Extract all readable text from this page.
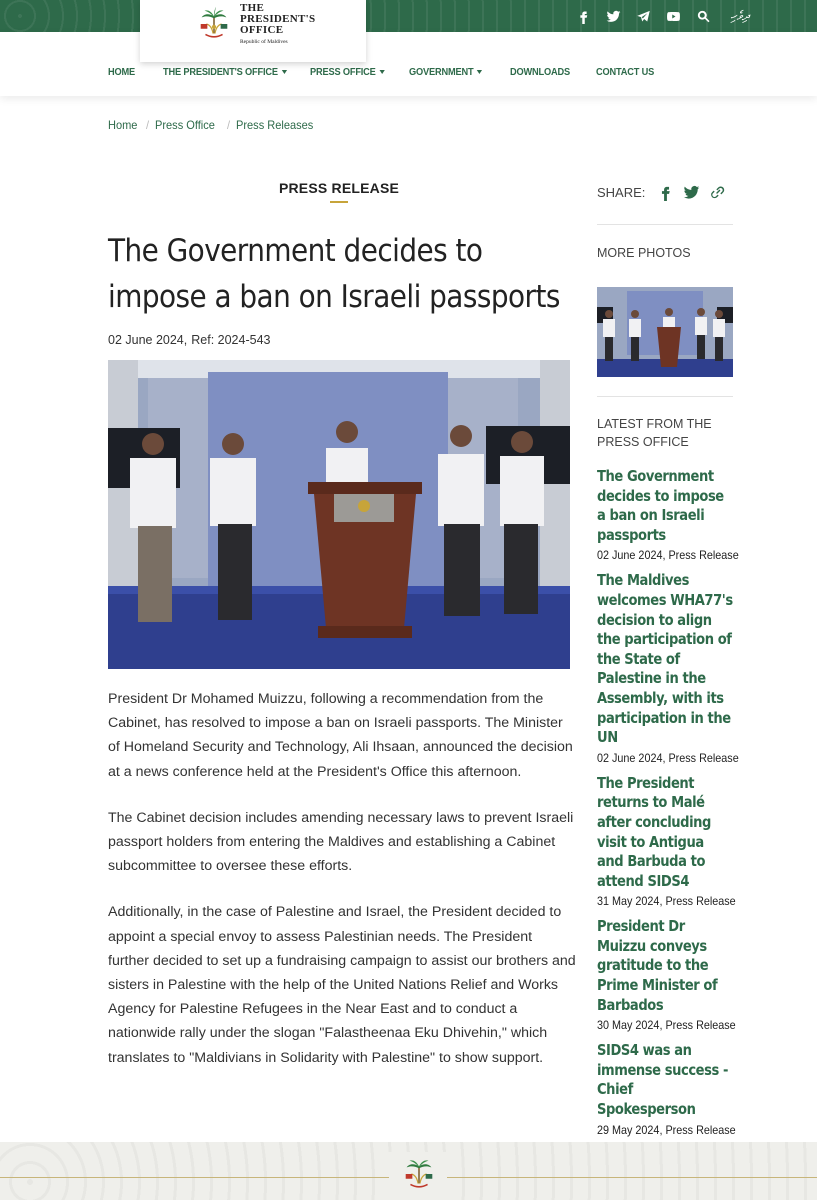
ދިވެހި
THE
PRESIDENT'S
OFFICE
Republic of Maldives
HOME	THE PRESIDENT'S OFFICE	PRESS OFFICE	GOVERNMENT	DOWNLOADS	CONTACT US
Home / Press Office / Press Releases
PRESS RELEASE
The Government decides to impose a ban on Israeli passports
02 June 2024, Ref: 2024-543

President Dr Mohamed Muizzu, following a recommendation from the Cabinet, has resolved to impose a ban on Israeli passports. The Minister of Homeland Security and Technology, Ali Ihsaan, announced the decision at a news conference held at the President's Office this afternoon.

The Cabinet decision includes amending necessary laws to prevent Israeli passport holders from entering the Maldives and establishing a Cabinet subcommittee to oversee these efforts.

Additionally, in the case of Palestine and Israel, the President decided to appoint a special envoy to assess Palestinian needs. The President further decided to set up a fundraising campaign to assist our brothers and sisters in Palestine with the help of the United Nations Relief and Works Agency for Palestine Refugees in the Near East and to conduct a nationwide rally under the slogan "Falastheenaa Eku Dhivehin," which translates to "Maldivians in Solidarity with Palestine" to show support.

SHARE:
MORE PHOTOS
LATEST FROM THE PRESS OFFICE
The Government decides to impose a ban on Israeli passports
02 June 2024, Press Release
The Maldives welcomes WHA77's decision to align the participation of the State of Palestine in the Assembly, with its participation in the UN
02 June 2024, Press Release
The President returns to Malé after concluding visit to Antigua and Barbuda to attend SIDS4
31 May 2024, Press Release
President Dr Muizzu conveys gratitude to the Prime Minister of Barbados
30 May 2024, Press Release
SIDS4 was an immense success - Chief Spokesperson
29 May 2024, Press Release
